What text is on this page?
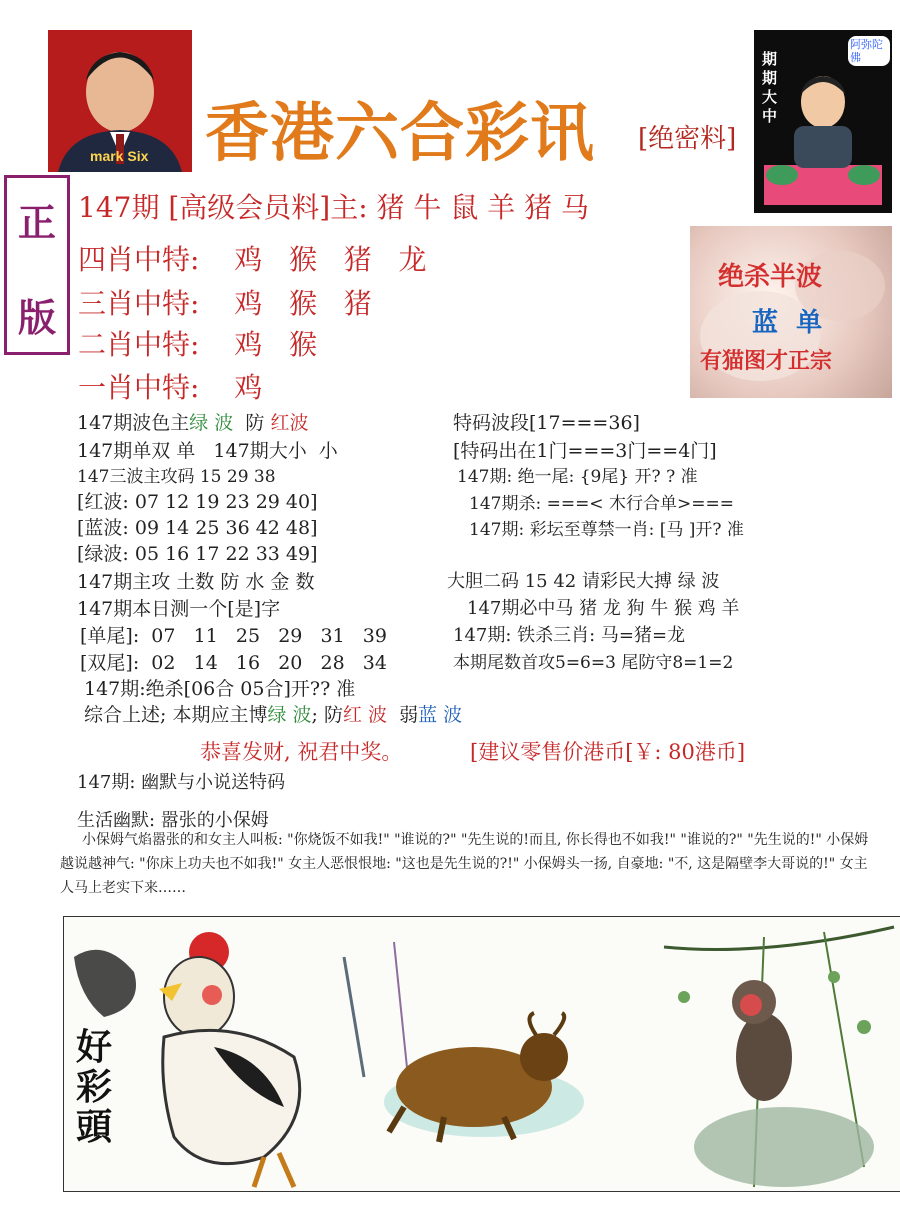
mark Six 香港六合彩讯 [绝密料]
期期大中
阿弥陀佛
正
版
147期 [高级会员料]主: 猪 牛 鼠 羊 猪 马
四肖中特: 鸡   猴   猪   龙
三肖中特: 鸡   猴   猪
二肖中特: 鸡   猴
一肖中特: 鸡
绝杀半波
蓝  单
有猫图才正宗
147期波色主绿 波  防 红波
147期单双 单   147期大小  小
147三波主攻码 15 29 38
[红波: 07 12 19 23 29 40]
[蓝波: 09 14 25 36 42 48]
[绿波: 05 16 17 22 33 49]
147期主攻 土数 防 水 金 数
147期本日测一个[是]字
[单尾]:  07   11   25   29   31   39
[双尾]:  02   14   16   20   28   34
147期:绝杀[06合 05合]开?? 准
综合上述; 本期应主博绿 波; 防红 波  弱蓝 波
特码波段[17===36]
[特码出在1门===3门==4门]
147期: 绝一尾: {9尾} 开? ? 准
147期杀: ===< 木行合单>===
147期: 彩坛至尊禁一肖: [马 ]开? 准
大胆二码 15 42 请彩民大搏 绿 波
147期必中马 猪 龙 狗 牛 猴 鸡 羊
147期: 铁杀三肖: 马=猪=龙
本期尾数首攻5=6=3 尾防守8=1=2
恭喜发财, 祝君中奖。	[建议零售价港币[￥: 80港币]
147期: 幽默与小说送特码
生活幽默: 嚣张的小保姆
小保姆气焰嚣张的和女主人叫板: "你烧饭不如我!" "谁说的?" "先生说的!而且, 你长得也不如我!" "谁说的?" "先生说的!" 小保姆越说越神气: "你床上功夫也不如我!" 女主人恶恨恨地: "这也是先生说的?!" 小保姆头一扬, 自豪地: "不, 这是隔壁李大哥说的!" 女主人马上老实下来……
好彩頭
